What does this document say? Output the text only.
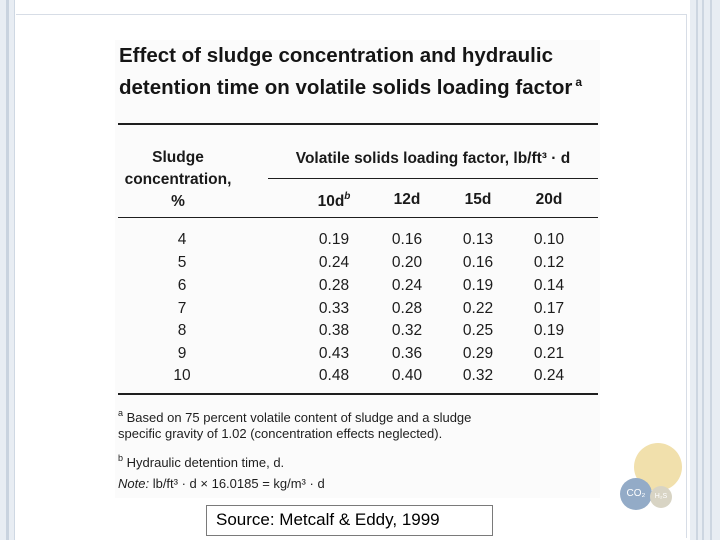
Effect of sludge concentration and hydraulic detention time on volatile solids loading factor $^a$
Sludge
concentration,
%
Volatile solids loading factor, lb/ft³ · d
$10d^b$	12d	15d	20d
4	0.19	0.16	0.13	0.10
5	0.24	0.20	0.16	0.12
6	0.28	0.24	0.19	0.14
7	0.33	0.28	0.22	0.17
8	0.38	0.32	0.25	0.19
9	0.43	0.36	0.29	0.21
10	0.48	0.40	0.32	0.24
$^a$ Based on 75 percent volatile content of sludge and a sludge
specific gravity of 1.02 (concentration effects neglected).
$^b$ Hydraulic detention time, d.
Note: lb/ft³ · d × 16.0185 = kg/m³ · d
Source: Metcalf & Eddy, 1999
CO₂	H₂S
